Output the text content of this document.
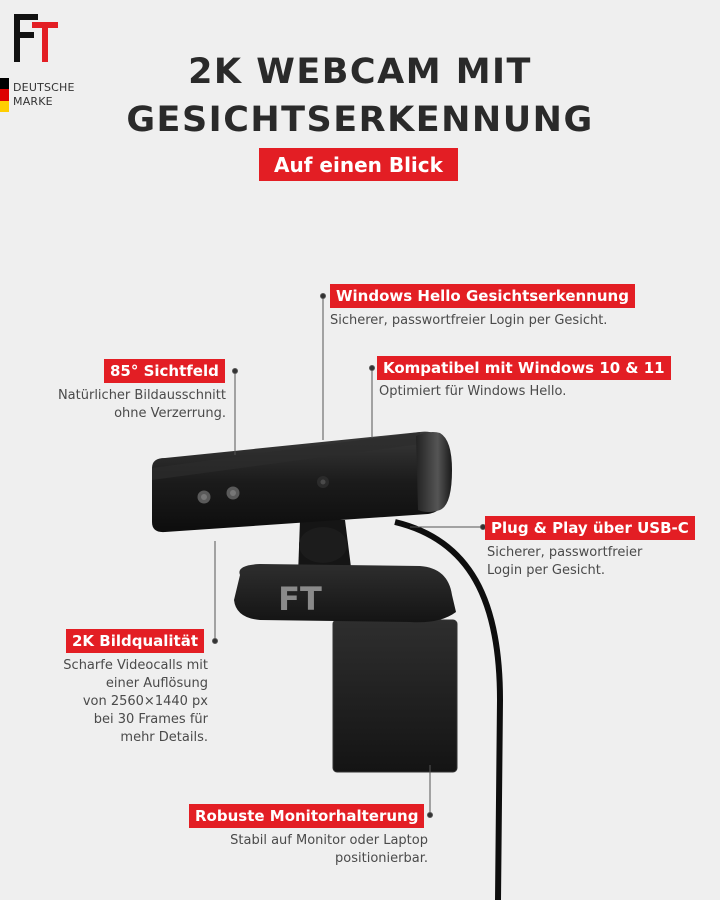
DEUTSCHE
MARKE
2K WEBCAM MIT
GESICHTSERKENNUNG
Auf einen Blick
FT
Windows Hello Gesichtserkennung
Sicherer, passwortfreier Login per Gesicht.
85° Sichtfeld
Natürlicher Bildausschnitt
ohne Verzerrung.
Kompatibel mit Windows 10 & 11
Optimiert für Windows Hello.
Plug & Play über USB-C
Sicherer, passwortfreier
Login per Gesicht.
2K Bildqualität
Scharfe Videocalls mit
einer Auflösung
von 2560×1440 px
bei 30 Frames für
mehr Details.
Robuste Monitorhalterung
Stabil auf Monitor oder Laptop
positionierbar.
